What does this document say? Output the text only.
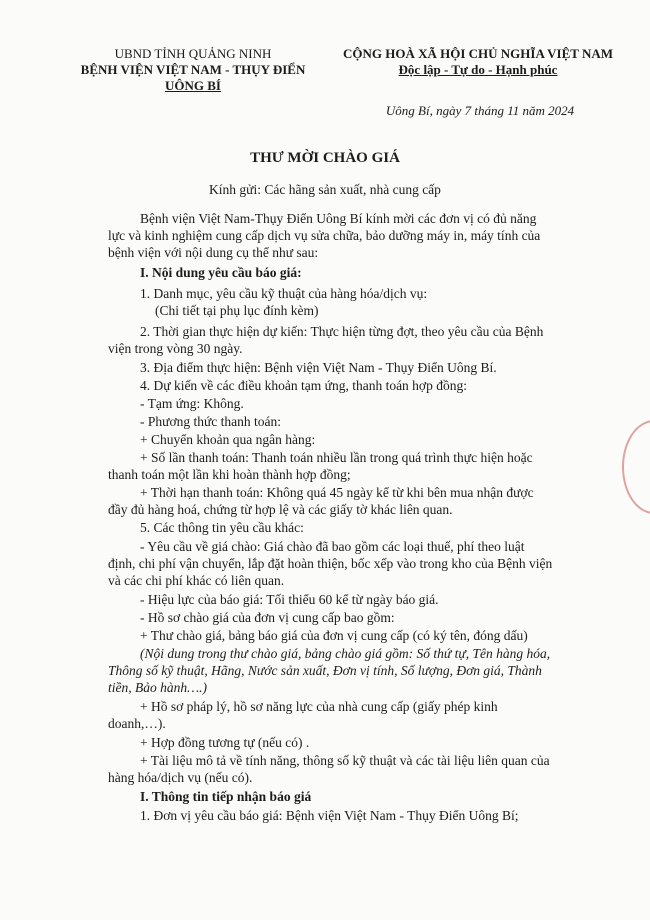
UBND TỈNH QUẢNG NINH
BỆNH VIỆN VIỆT NAM - THỤY ĐIỂN
UÔNG BÍ
CỘNG HOÀ XÃ HỘI CHỦ NGHĨA VIỆT NAM
Độc lập - Tự do - Hạnh phúc
Uông Bí, ngày 7 tháng 11 năm 2024
THƯ MỜI CHÀO GIÁ
Kính gửi: Các hãng sản xuất, nhà cung cấp
Bệnh viện Việt Nam-Thụy Điển Uông Bí kính mời các đơn vị có đủ năng
lực và kinh nghiệm cung cấp dịch vụ sửa chữa, bảo dưỡng máy in, máy tính của
bệnh viện với nội dung cụ thể như sau:
I. Nội dung yêu cầu báo giá:
1. Danh mục, yêu cầu kỹ thuật của hàng hóa/dịch vụ:
(Chi tiết tại phụ lục đính kèm)
2. Thời gian thực hiện dự kiến: Thực hiện từng đợt, theo yêu cầu của Bệnh
viện trong vòng 30 ngày.
3. Địa điểm thực hiện: Bệnh viện Việt Nam - Thụy Điển Uông Bí.
4. Dự kiến về các điều khoản tạm ứng, thanh toán hợp đồng:
- Tạm ứng: Không.
- Phương thức thanh toán:
+ Chuyển khoản qua ngân hàng:
+ Số lần thanh toán: Thanh toán nhiều lần trong quá trình thực hiện hoặc
thanh toán một lần khi hoàn thành hợp đồng;
+ Thời hạn thanh toán: Không quá 45 ngày kể từ khi bên mua nhận được
đầy đủ hàng hoá, chứng từ hợp lệ và các giấy tờ khác liên quan.
5. Các thông tin yêu cầu khác:
- Yêu cầu về giá chào: Giá chào đã bao gồm các loại thuế, phí theo luật
định, chi phí vận chuyển, lắp đặt hoàn thiện, bốc xếp vào trong kho của Bệnh viện
và các chi phí khác có liên quan.
- Hiệu lực của báo giá: Tối thiểu 60 kể từ ngày báo giá.
- Hồ sơ chào giá của đơn vị cung cấp bao gồm:
+ Thư chào giá, bảng báo giá của đơn vị cung cấp (có ký tên, đóng dấu)
(Nội dung trong thư chào giá, bảng chào giá gồm: Số thứ tự, Tên hàng hóa,
Thông số kỹ thuật, Hãng, Nước sản xuất, Đơn vị tính, Số lượng, Đơn giá, Thành
tiền, Bảo hành….)
+ Hồ sơ pháp lý, hồ sơ năng lực của nhà cung cấp (giấy phép kinh
doanh,…).
+ Hợp đồng tương tự (nếu có) .
+ Tài liệu mô tả về tính năng, thông số kỹ thuật và các tài liệu liên quan của
hàng hóa/dịch vụ (nếu có).
I. Thông tin tiếp nhận báo giá
1. Đơn vị yêu cầu báo giá: Bệnh viện Việt Nam - Thụy Điển Uông Bí;
